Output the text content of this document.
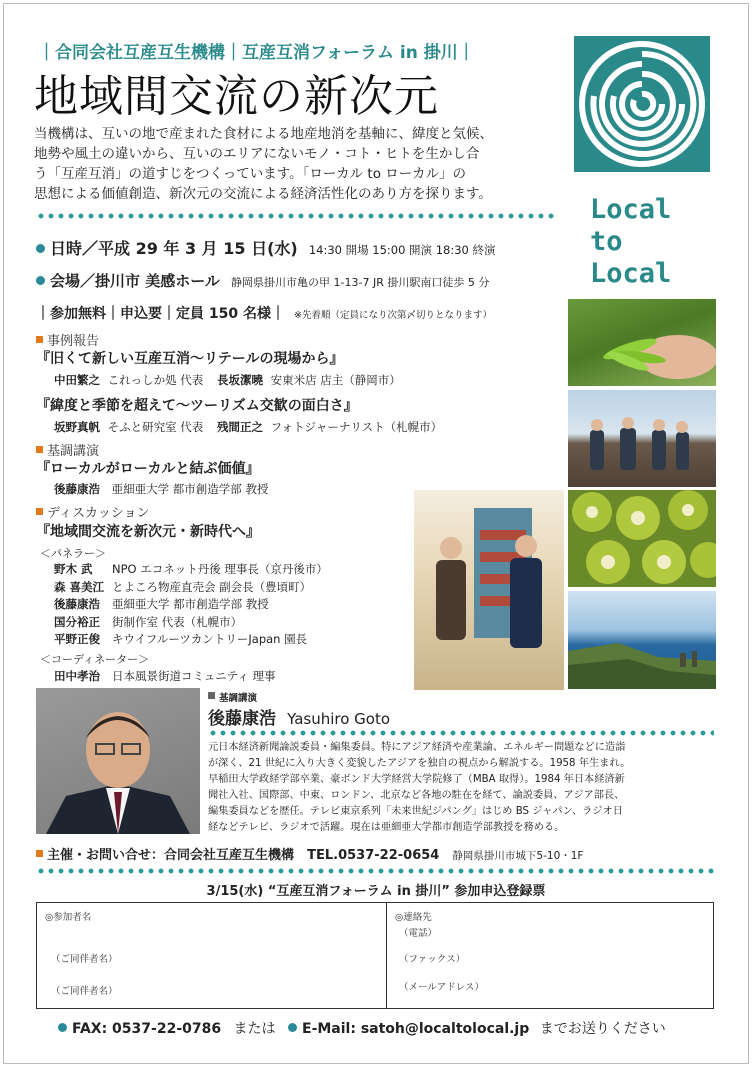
｜合同会社互産互生機構｜互産互消フォーラム in 掛川｜
地域間交流の新次元
当機構は、互いの地で産まれた食材による地産地消を基軸に、緯度と気候、
地勢や風土の違いから、互いのエリアにないモノ・コト・ヒトを生かし合
う「互産互消」の道すじをつくっています。「ローカル to ローカル」の
思想による価値創造、新次元の交流による経済活性化のあり方を探ります。	Local
to
Local
日時／平成 29 年 3 月 15 日(水) 14:30 開場 15:00 開演 18:30 終演
会場／掛川市 美感ホール 静岡県掛川市亀の甲 1-13-7 JR 掛川駅南口徒歩 5 分
｜参加無料｜申込要｜定員 150 名様｜ ※先着順（定員になり次第〆切りとなります）
事例報告
『旧くて新しい互産互消〜リテールの現場から』
中田繁之 これっしか処 代表 長坂潔曉 安東米店 店主（静岡市）
『緯度と季節を超えて〜ツーリズム交歓の面白さ』
坂野真帆 そふと研究室 代表 残間正之 フォトジャーナリスト（札幌市）
基調講演
『ローカルがローカルと結ぶ価値』
後藤康浩 亜細亜大学 都市創造学部 教授
ディスカッション
『地域間交流を新次元・新時代へ』
＜パネラー＞
野木 武 NPO エコネット丹後 理事長（京丹後市）
森 喜美江 とよころ物産直売会 副会長（豊頃町）
後藤康浩 亜細亜大学 都市創造学部 教授
国分裕正 街制作室 代表（札幌市）
平野正俊 キウイフルーツカントリーJapan 園長
＜コーディネーター＞
田中孝治 日本風景街道コミュニティ 理事
基調講演
後藤康浩 Yasuhiro Goto
元日本経済新聞論説委員・編集委員。特にアジア経済や産業論、エネルギー問題などに造詣
が深く、21 世紀に入り大きく変貌したアジアを独自の視点から解説する。1958 年生まれ。
早稲田大学政経学部卒業、豪ボンド大学経営大学院修了（MBA 取得）。1984 年日本経済新
聞社入社、国際部、中東、ロンドン、北京など各地の駐在を経て、論説委員、アジア部長、
編集委員などを歴任。テレビ東京系列「未来世紀ジパング」はじめ BS ジャパン、ラジオ日
経などテレビ、ラジオで活躍。現在は亜細亜大学都市創造学部教授を務める。
主催・お問い合せ：合同会社互産互生機構 TEL.0537-22-0654 静岡県掛川市城下5-10・1F
3/15(水) “互産互消フォーラム in 掛川” 参加申込登録票
◎参加者名
（ご同伴者名）
（ご同伴者名）
◎連絡先
（電話）
（ファックス）
（メールアドレス）
FAX: 0537-22-0786 または E-Mail: satoh@localtolocal.jp までお送りください
